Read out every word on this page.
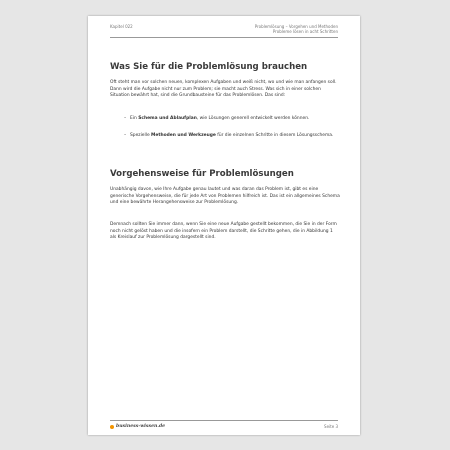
Kapitel 022	Problemlösung – Vorgehen und Methoden
Probleme lösen in acht Schritten
Was Sie für die Problemlösung brauchen

Oft steht man vor solchen neuen, komplexen Aufgaben und weiß nicht, wo und wie man anfangen soll. Dann wird die Aufgabe nicht nur zum Problem; sie macht auch Stress. Was sich in einer solchen Situation bewährt hat, sind die Grundbausteine für das Problemlösen. Das sind:

– Ein Schema und Ablaufplan, wie Lösungen generell entwickelt werden können.

– Spezielle Methoden und Werkzeuge für die einzelnen Schritte in diesem Lösungsschema.

Vorgehensweise für Problemlösungen

Unabhängig davon, wie Ihre Aufgabe genau lautet und was daran das Problem ist, gibt es eine generische Vorgehensweise, die für jede Art von Problemen hilfreich ist. Das ist ein allgemeines Schema und eine bewährte Herangehensweise zur Problemlösung.

Demnach sollten Sie immer dann, wenn Sie eine neue Aufgabe gestellt bekommen, die Sie in der Form noch nicht gelöst haben und die insofern ein Problem darstellt, die Schritte gehen, die in Abbildung 1 als Kreislauf zur Problemlösung dargestellt sind.

business-wissen.de	Seite 3
